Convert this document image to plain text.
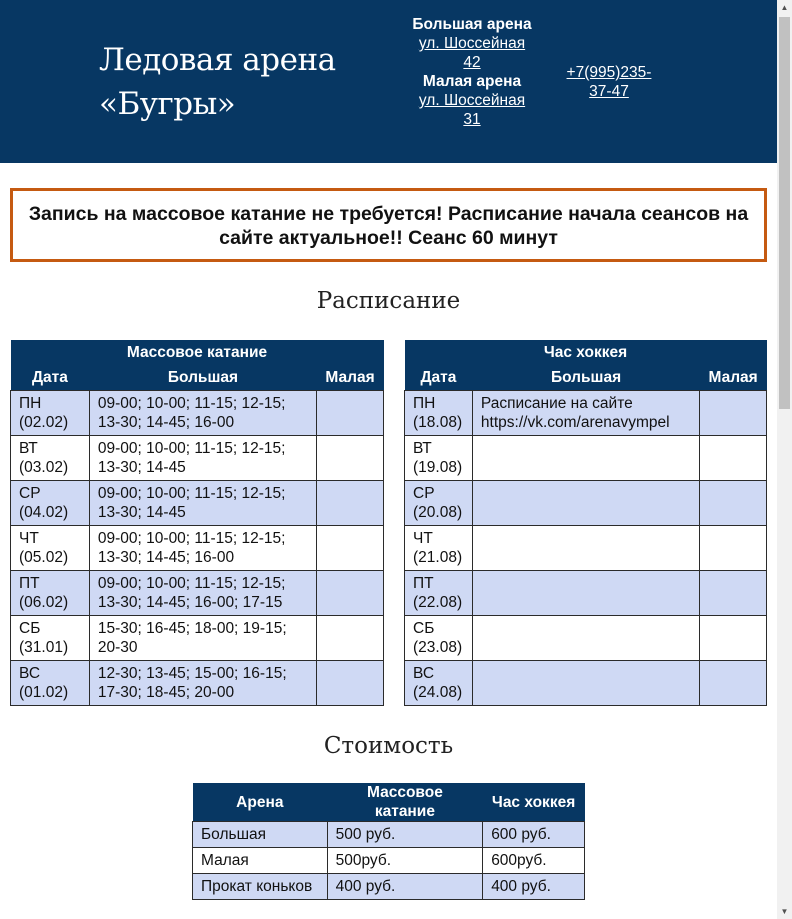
Ледовая арена «Бугры»
Большая арена
ул. Шоссейная 42
Малая арена
ул. Шоссейная 31
+7(995)235-37-47
Запись на массовое катание не требуется! Расписание начала сеансов на сайте актуальное!! Сеанс 60 минут
Расписание
Массовое катание		
Дата	Большая	Малая

ПН
(02.02)	09-00; 10-00; 11-15; 12-15; 13-30; 14-45; 16-00	

ВТ
(03.02)	09-00; 10-00; 11-15; 12-15; 13-30; 14-45	

СР
(04.02)	09-00; 10-00; 11-15; 12-15; 13-30; 14-45	

ЧТ
(05.02)	09-00; 10-00; 11-15; 12-15; 13-30; 14-45; 16-00	

ПТ
(06.02)	09-00; 10-00; 11-15; 12-15; 13-30; 14-45; 16-00; 17-15	

СБ
(31.01)	15-30; 16-45; 18-00; 19-15; 20-30	

ВС
(01.02)	12-30; 13-45; 15-00; 16-15; 17-30; 18-45; 20-00	
Час хоккея		
Дата	Большая	Малая

ПН
(18.08)	Расписание на сайте https://vk.com/arenavympel	

ВТ
(19.08)		

СР
(20.08)		

ЧТ
(21.08)		

ПТ
(22.08)		

СБ
(23.08)		

ВС
(24.08)		

Стоимость
Арена	Массовое катание	Час хоккея
Большая	500 руб.	600 руб.
Малая	500руб.	600руб.
Прокат коньков	400 руб.	400 руб.
▲
▼
